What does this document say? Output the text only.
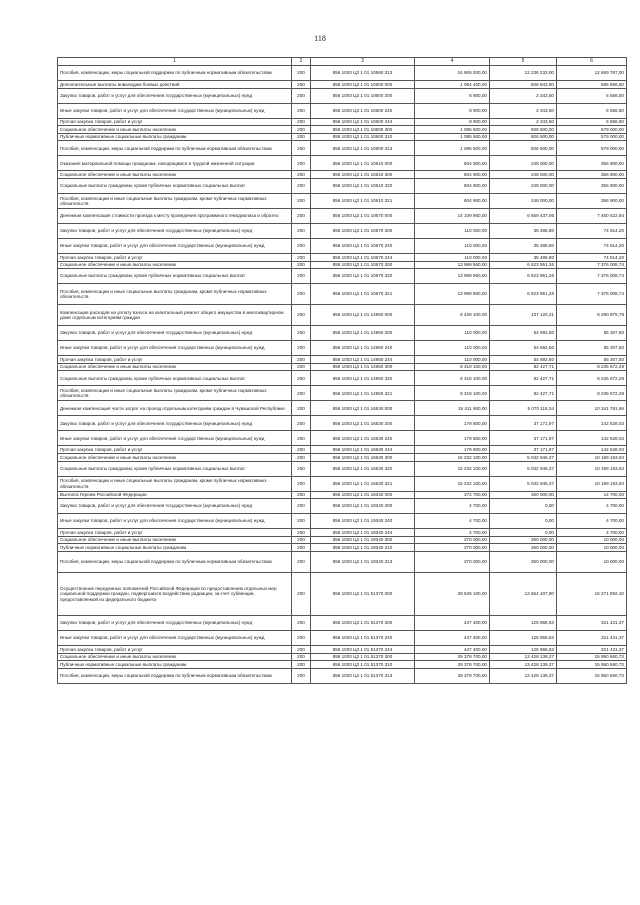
118
1	2	3	4	5	6
Пособия, компенсации, меры социальной поддержки по публичным нормативным обязательствам	200	856 1003 Ц3 1 01 10590 313	24 906 000,00	12 236 233,00	12 669 767,00
Дополнительные выплаты инвалидам боевых действий	200	856 1003 Ц3 1 01 10600 000	1 094 400,00	508 843,50	585 556,50
Закупка товаров, работ и услуг для обеспечения государственных (муниципальных) нужд	200	856 1003 Ц3 1 01 10600 200	8 900,00	2 343,50	6 556,50
Иные закупки товаров, работ и услуг для обеспечения государственных (муниципальных) нужд	200	856 1003 Ц3 1 01 10600 240	8 900,00	2 343,50	6 556,50
Прочая закупка товаров, работ и услуг	200	856 1003 Ц3 1 01 10600 244	8 900,00	2 343,50	6 556,50
Социальное обеспечение и иные выплаты населению	200	856 1003 Ц3 1 01 10600 300	1 085 500,00	506 500,00	579 000,00
Публичные нормативные социальные выплаты гражданам	200	856 1003 Ц3 1 01 10600 310	1 085 500,00	506 500,00	579 000,00
Пособия, компенсации, меры социальной поддержки по публичным нормативным обязательствам	200	856 1003 Ц3 1 01 10600 313	1 085 500,00	506 500,00	579 000,00
Оказание материальной помощи гражданам, находящимся в трудной жизненной ситуации	200	856 1003 Ц3 1 01 10610 000	604 900,00	248 000,00	356 900,00
Социальное обеспечение и иные выплаты населению	200	856 1003 Ц3 1 01 10610 300	604 900,00	248 000,00	356 900,00
Социальные выплаты гражданам, кроме публичных нормативных социальных выплат	200	856 1003 Ц3 1 01 10610 320	604 900,00	248 000,00	356 900,00
Пособия, компенсации и иные социальные выплаты гражданам, кроме публичных нормативных обязательств	200	856 1003 Ц3 1 01 10610 321	604 900,00	248 000,00	356 900,00
Денежная компенсация стоимости проезда к месту проведения программного гемодиализа и обратно	200	856 1003 Ц3 1 01 10670 000	14 109 960,00	6 659 437,06	7 450 522,94
Закупка товаров, работ и услуг для обеспечения государственных (муниципальных) нужд	200	856 1003 Ц3 1 01 10670 200	110 000,00	35 485,80	74 514,20
Иные закупки товаров, работ и услуг для обеспечения государственных (муниципальных) нужд	200	856 1003 Ц3 1 01 10670 240	110 000,00	35 485,80	74 514,20
Прочая закупка товаров, работ и услуг	200	856 1003 Ц3 1 01 10670 244	110 000,00	35 485,80	74 514,20
Социальное обеспечение и иные выплаты населению	200	856 1003 Ц3 1 01 10670 300	13 999 960,00	6 623 951,26	7 376 008,74
Социальные выплаты гражданам, кроме публичных нормативных социальных выплат	200	856 1003 Ц3 1 01 10670 320	13 999 960,00	6 623 951,26	7 376 008,74
Пособия, компенсации и иные социальные выплаты гражданам, кроме публичных нормативных обязательств	200	856 1003 Ц3 1 01 10670 321	13 999 960,00	6 623 951,26	7 376 008,74
Компенсация расходов на уплату взноса на капитальный ремонт общего имущества в многоквартирном доме отдельным категориям граждан	200	856 1003 Ц3 1 01 14950 000	8 428 100,00	137 120,21	8 290 979,79
Закупка товаров, работ и услуг для обеспечения государственных (муниципальных) нужд	200	856 1003 Ц3 1 01 14950 200	110 000,00	54 692,50	55 307,50
Иные закупки товаров, работ и услуг для обеспечения государственных (муниципальных) нужд	200	856 1003 Ц3 1 01 14950 240	110 000,00	54 692,50	55 307,50
Прочая закупка товаров, работ и услуг	200	856 1003 Ц3 1 01 14950 244	110 000,00	54 692,50	55 307,50
Социальное обеспечение и иные выплаты населению	200	856 1003 Ц3 1 01 14950 300	8 318 100,00	82 427,71	8 235 672,29
Социальные выплаты гражданам, кроме публичных нормативных социальных выплат	200	856 1003 Ц3 1 01 14950 320	8 318 100,00	82 427,71	8 235 672,29
Пособия, компенсации и иные социальные выплаты гражданам, кроме публичных нормативных обязательств	200	856 1003 Ц3 1 01 14950 321	8 318 100,00	82 427,71	8 235 672,29
Денежная компенсация части затрат на проезд отдельным категориям граждан в Чувашской Республике	200	856 1003 Ц3 1 01 16530 000	15 411 900,00	5 070 118,34	10 341 781,66
Закупка товаров, работ и услуг для обеспечения государственных (муниципальных) нужд	200	856 1003 Ц3 1 01 16530 200	179 800,00	37 171,97	142 628,03
Иные закупки товаров, работ и услуг для обеспечения государственных (муниципальных) нужд	200	856 1003 Ц3 1 01 16530 240	179 800,00	37 171,97	142 628,03
Прочая закупка товаров, работ и услуг	200	856 1003 Ц3 1 01 16530 244	179 800,00	37 171,97	142 628,03
Социальное обеспечение и иные выплаты населению	200	856 1003 Ц3 1 01 16530 300	15 232 100,00	5 032 946,37	10 199 153,63
Социальные выплаты гражданам, кроме публичных нормативных социальных выплат	200	856 1003 Ц3 1 01 16530 320	15 232 100,00	5 032 946,37	10 199 153,63
Пособия, компенсации и иные социальные выплаты гражданам, кроме публичных нормативных обязательств	200	856 1003 Ц3 1 01 16530 321	15 232 100,00	5 032 946,37	10 199 153,63
Выплата Героям Российской Федерации	200	856 1003 Ц3 1 01 19340 000	374 700,00	360 000,00	14 700,00
Закупка товаров, работ и услуг для обеспечения государственных (муниципальных) нужд	200	856 1003 Ц3 1 01 19340 200	4 700,00	0,00	4 700,00
Иные закупки товаров, работ и услуг для обеспечения государственных (муниципальных) нужд	200	856 1003 Ц3 1 01 19340 240	4 700,00	0,00	4 700,00
Прочая закупка товаров, работ и услуг	200	856 1003 Ц3 1 01 19340 244	4 700,00	0,00	4 700,00
Социальное обеспечение и иные выплаты населению	200	856 1003 Ц3 1 01 19340 300	370 000,00	360 000,00	10 000,00
Публичные нормативные социальные выплаты гражданам	200	856 1003 Ц3 1 01 19340 310	370 000,00	360 000,00	10 000,00
Пособия, компенсации, меры социальной поддержки по публичным нормативным обязательствам	200	856 1003 Ц3 1 01 19340 313	370 000,00	360 000,00	10 000,00
Осуществление переданных полномочий Российской Федерации по предоставлению отдельных мер социальной поддержки граждан, подвергшихся воздействию радиации, за счет субвенции, предоставляемой из федерального бюджета	200	856 1003 Ц3 1 01 51370 000	29 626 100,00	13 554 107,90	16 271 992,10
Закупка товаров, работ и услуг для обеспечения государственных (муниципальных) нужд	200	856 1003 Ц3 1 01 51370 200	447 400,00	125 968,63	321 431,37
Иные закупки товаров, работ и услуг для обеспечения государственных (муниципальных) нужд	200	856 1003 Ц3 1 01 51370 240	447 400,00	125 968,63	321 431,37
Прочая закупка товаров, работ и услуг	200	856 1003 Ц3 1 01 51370 244	447 400,00	125 968,63	321 431,37
Социальное обеспечение и иные выплаты населению	200	856 1003 Ц3 1 01 51370 300	29 378 700,00	13 428 139,27	15 950 560,73
Публичные нормативные социальные выплаты гражданам	200	856 1003 Ц3 1 01 51370 310	29 378 700,00	13 428 139,27	15 950 560,73
Пособия, компенсации, меры социальной поддержки по публичным нормативным обязательствам	200	856 1003 Ц3 1 01 51370 313	29 378 700,00	13 428 139,27	15 950 560,73
